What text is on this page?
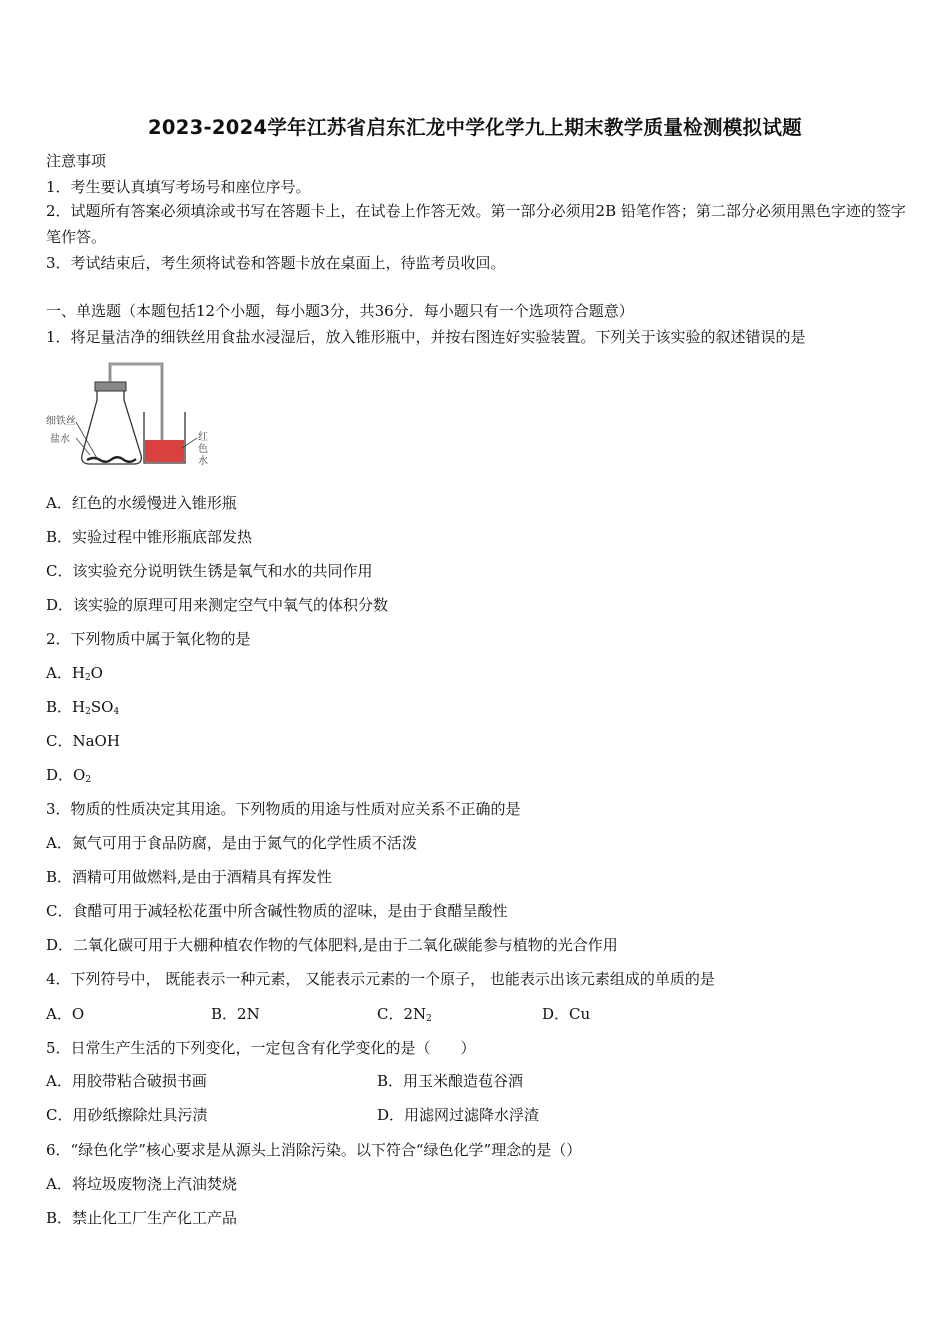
2023-2024学年江苏省启东汇龙中学化学九上期末教学质量检测模拟试题
注意事项
1．考生要认真填写考场号和座位序号。
2．试题所有答案必须填涂或书写在答题卡上，在试卷上作答无效。第一部分必须用2B 铅笔作答；第二部分必须用黑色字迹的签字笔作答。
3．考试结束后，考生须将试卷和答题卡放在桌面上，待监考员收回。
一、单选题（本题包括12个小题，每小题3分，共36分．每小题只有一个选项符合题意）
1．将足量洁净的细铁丝用食盐水浸湿后，放入锥形瓶中，并按右图连好实验装置。下列关于该实验的叙述错误的是
细铁丝
盐水	红
色
水
A．红色的水缓慢进入锥形瓶
B．实验过程中锥形瓶底部发热
C．该实验充分说明铁生锈是氧气和水的共同作用
D．该实验的原理可用来测定空气中氧气的体积分数
2．下列物质中属于氧化物的是
A．$H_2O$
B．$H_2SO_4$
C．NaOH
D．$O_2$
3．物质的性质决定其用途。下列物质的用途与性质对应关系不正确的是
A．氮气可用于食品防腐，是由于氮气的化学性质不活泼
B．酒精可用做燃料,是由于酒精具有挥发性
C．食醋可用于减轻松花蛋中所含碱性物质的涩味，是由于食醋呈酸性
D．二氧化碳可用于大棚种植农作物的气体肥料,是由于二氧化碳能参与植物的光合作用
4．下列符号中， 既能表示一种元素， 又能表示元素的一个原子， 也能表示出该元素组成的单质的是
A．O	B．2N	C．$2N_2$	D．Cu
5．日常生产生活的下列变化，一定包含有化学变化的是（　　）
A．用胶带粘合破损书画	B．用玉米酿造苞谷酒
C．用砂纸擦除灶具污渍	D．用滤网过滤降水浮渣
6．“绿色化学”核心要求是从源头上消除污染。以下符合“绿色化学”理念的是（）
A．将垃圾废物浇上汽油焚烧
B．禁止化工厂生产化工产品
